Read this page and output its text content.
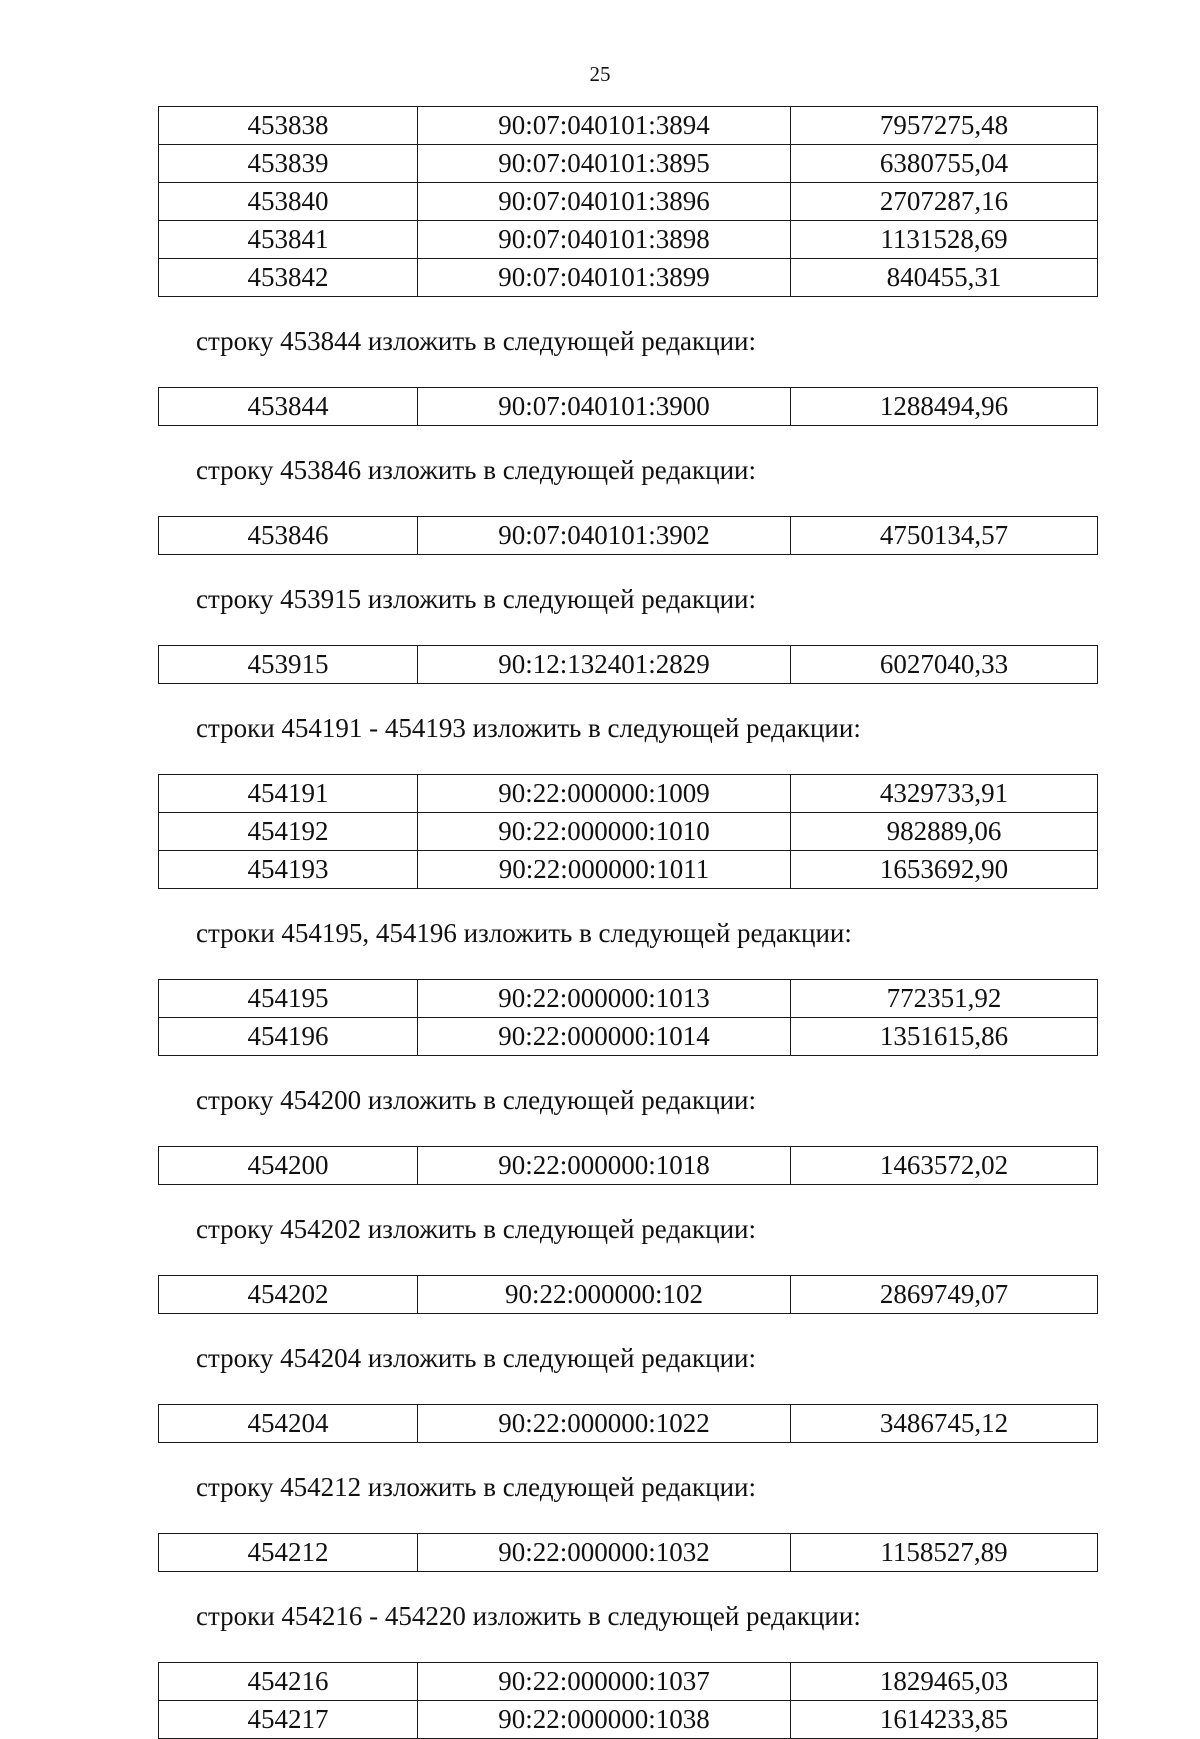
25
453838	90:07:040101:3894	7957275,48
453839	90:07:040101:3895	6380755,04
453840	90:07:040101:3896	2707287,16
453841	90:07:040101:3898	1131528,69
453842	90:07:040101:3899	840455,31
строку 453844 изложить в следующей редакции:
453844	90:07:040101:3900	1288494,96
строку 453846 изложить в следующей редакции:
453846	90:07:040101:3902	4750134,57
строку 453915 изложить в следующей редакции:
453915	90:12:132401:2829	6027040,33
строки 454191 - 454193 изложить в следующей редакции:
454191	90:22:000000:1009	4329733,91
454192	90:22:000000:1010	982889,06
454193	90:22:000000:1011	1653692,90
строки 454195, 454196 изложить в следующей редакции:
454195	90:22:000000:1013	772351,92
454196	90:22:000000:1014	1351615,86
строку 454200 изложить в следующей редакции:
454200	90:22:000000:1018	1463572,02
строку 454202 изложить в следующей редакции:
454202	90:22:000000:102	2869749,07
строку 454204 изложить в следующей редакции:
454204	90:22:000000:1022	3486745,12
строку 454212 изложить в следующей редакции:
454212	90:22:000000:1032	1158527,89
строки 454216 - 454220 изложить в следующей редакции:
454216	90:22:000000:1037	1829465,03
454217	90:22:000000:1038	1614233,85
